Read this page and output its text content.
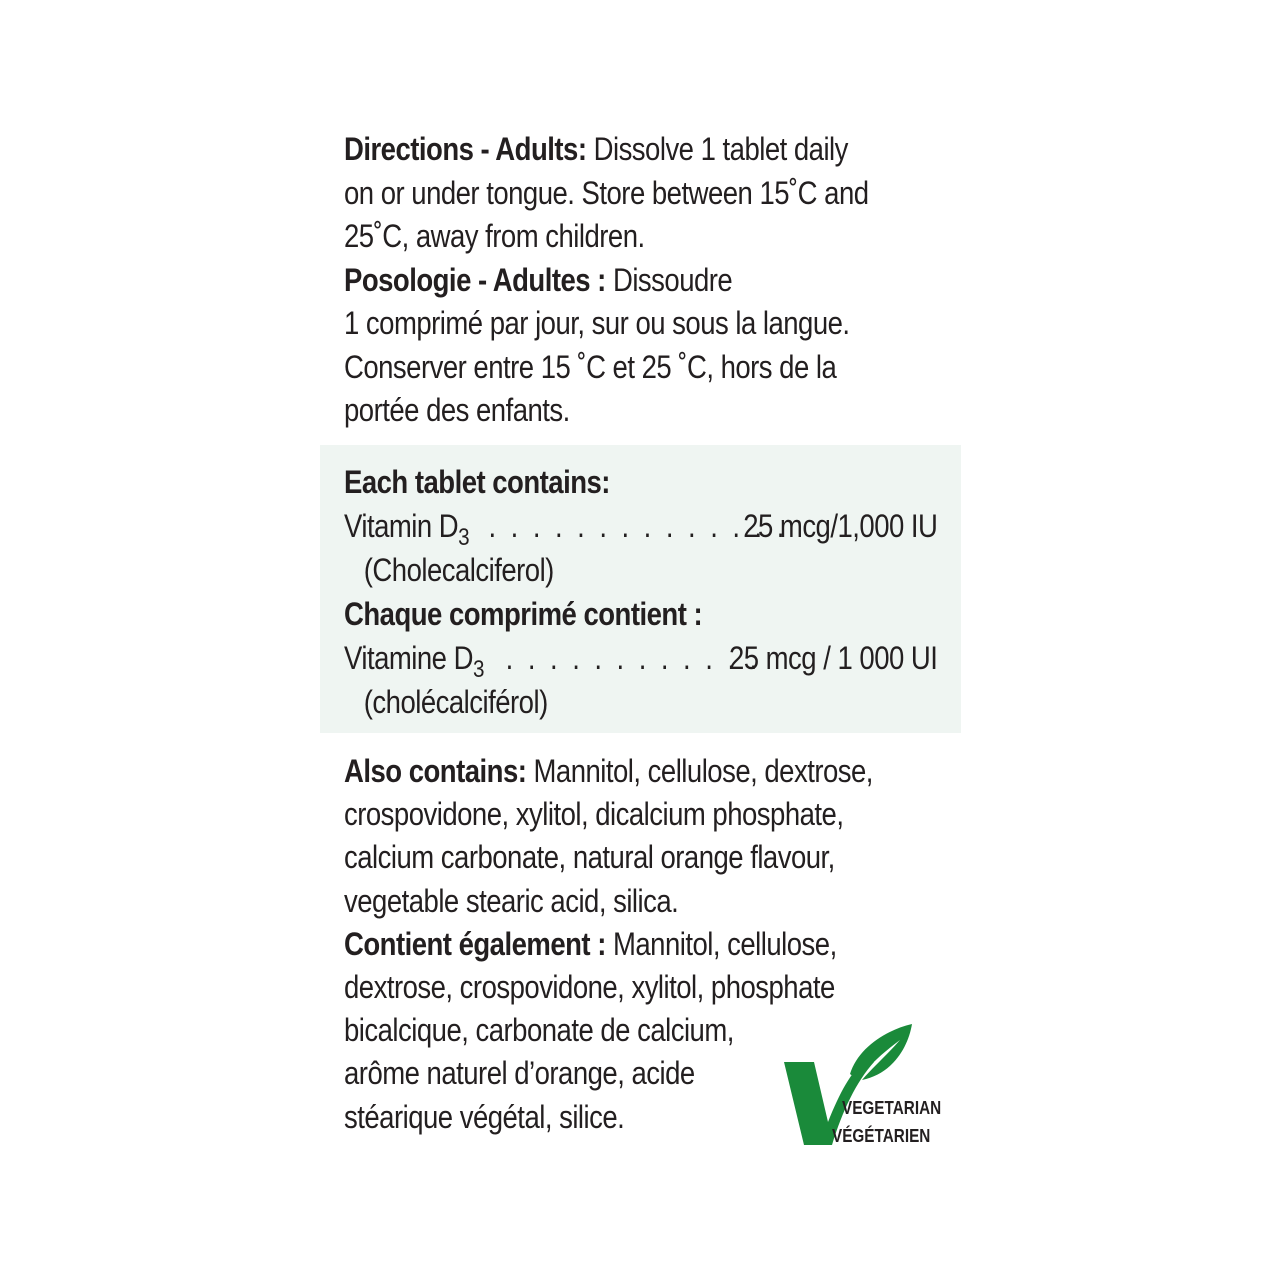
Directions - Adults: Dissolve 1 tablet daily

on or under tongue. Store between 15˚C and

25˚C, away from children.

Posologie - Adultes : Dissoudre

1 comprimé par jour, sur ou sous la langue.

Conserver entre 15 ˚C et 25 ˚C, hors de la

portée des enfants.

Each tablet contains:
Vitamin $D_3$ . . . . . . . . . . . . . .
25 mcg/1,000 IU
(Cholecalciferol)
Chaque comprimé contient :
Vitamine $D_3$ . . . . . . . . . . . .
25 mcg / 1 000 UI
(cholécalciférol)

Also contains: Mannitol, cellulose, dextrose,

crospovidone, xylitol, dicalcium phosphate,

calcium carbonate, natural orange flavour,

vegetable stearic acid, silica.

Contient également : Mannitol, cellulose,

dextrose, crospovidone, xylitol, phosphate

bicalcique, carbonate de calcium,

arôme naturel d’orange, acide

stéarique végétal, silice.	VEGETARIAN
VÉGÉTARIEN
